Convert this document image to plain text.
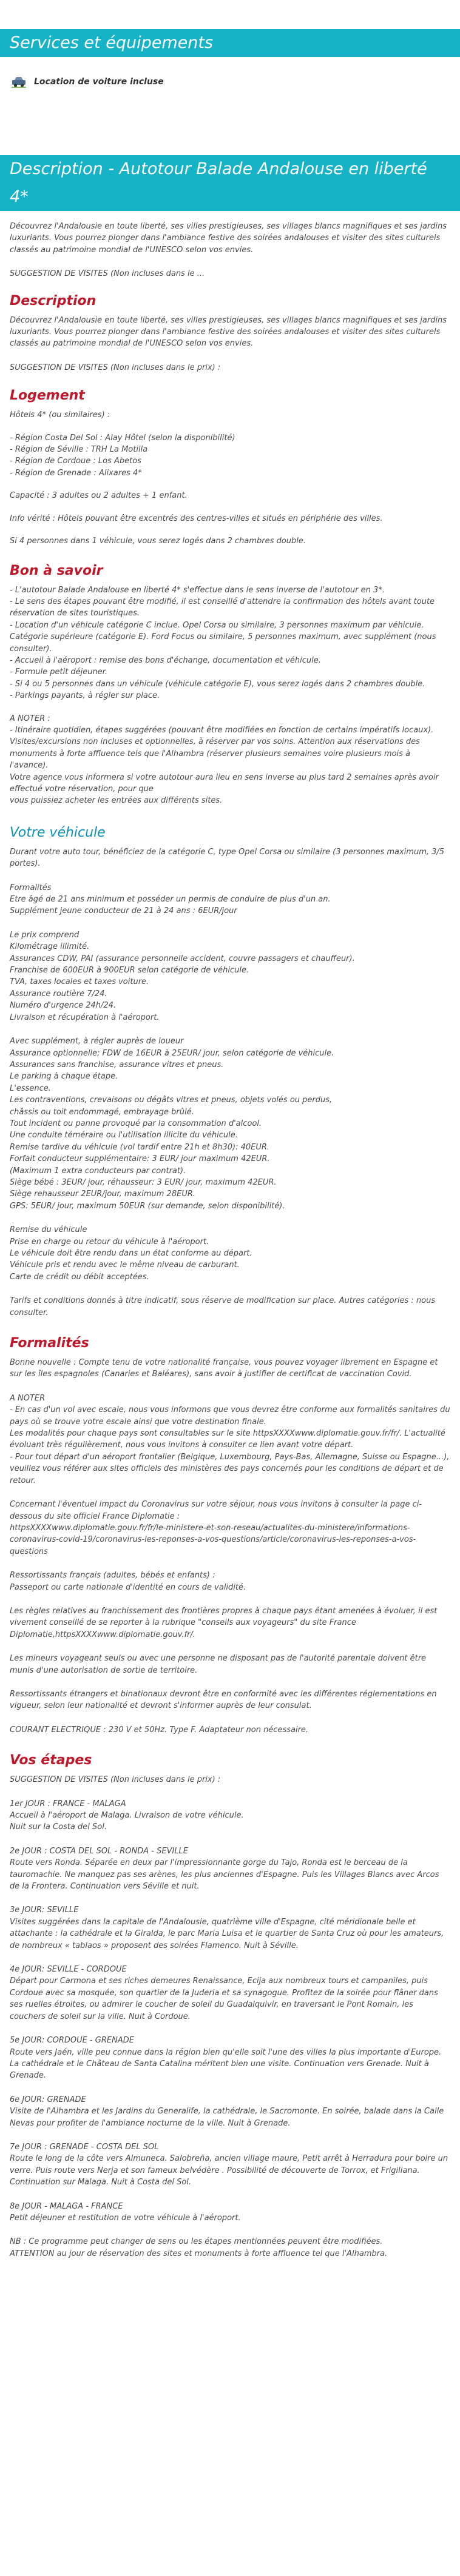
Services et équipements
Location de voiture incluse
Description - Autotour Balade Andalouse en liberté 4*

Découvrez l'Andalousie en toute liberté, ses villes prestigieuses, ses villages blancs magnifiques et ses jardins luxuriants. Vous pourrez plonger dans l'ambiance festive des soirées andalouses et visiter des sites culturels classés au patrimoine mondial de l'UNESCO selon vos envies.

SUGGESTION DE VISITES (Non incluses dans le ...

Description

Découvrez l'Andalousie en toute liberté, ses villes prestigieuses, ses villages blancs magnifiques et ses jardins luxuriants. Vous pourrez plonger dans l'ambiance festive des soirées andalouses et visiter des sites culturels classés au patrimoine mondial de l'UNESCO selon vos envies.

SUGGESTION DE VISITES (Non incluses dans le prix) :

Logement

Hôtels 4* (ou similaires) :

- Région Costa Del Sol : Alay Hôtel (selon la disponibilité)
- Région de Séville : TRH La Motilla
- Région de Cordoue : Los Abetos
- Région de Grenade : Alixares 4*

Capacité : 3 adultes ou 2 adultes + 1 enfant.

Info vérité : Hôtels pouvant être excentrés des centres-villes et situés en périphérie des villes.

Si 4 personnes dans 1 véhicule, vous serez logés dans 2 chambres double.

Bon à savoir

- L'autotour Balade Andalouse en liberté 4* s'effectue dans le sens inverse de l'autotour en 3*.
- Le sens des étapes pouvant être modifié, il est conseillé d'attendre la confirmation des hôtels avant toute réservation de sites touristiques.
- Location d'un véhicule catégorie C inclue. Opel Corsa ou similaire, 3 personnes maximum par véhicule. Catégorie supérieure (catégorie E). Ford Focus ou similaire, 5 personnes maximum, avec supplément (nous consulter).
- Accueil à l'aéroport : remise des bons d'échange, documentation et véhicule.
- Formule petit déjeuner.
- Si 4 ou 5 personnes dans un véhicule (véhicule catégorie E), vous serez logés dans 2 chambres double.
- Parkings payants, à régler sur place.

A NOTER :
- Itinéraire quotidien, étapes suggérées (pouvant être modifiées en fonction de certains impératifs locaux).
Visites/excursions non incluses et optionnelles, à réserver par vos soins. Attention aux réservations des monuments à forte affluence tels que l'Alhambra (réserver plusieurs semaines voire plusieurs mois à l'avance).
Votre agence vous informera si votre autotour aura lieu en sens inverse au plus tard 2 semaines après avoir effectué votre réservation, pour que
vous puissiez acheter les entrées aux différents sites.

Votre véhicule

Durant votre auto tour, bénéficiez de la catégorie C, type Opel Corsa ou similaire (3 personnes maximum, 3/5 portes).

Formalités
Etre âgé de 21 ans minimum et posséder un permis de conduire de plus d'un an.
Supplément jeune conducteur de 21 à 24 ans : 6EUR/jour

Le prix comprend
Kilométrage illimité.
Assurances CDW, PAI (assurance personnelle accident, couvre passagers et chauffeur).
Franchise de 600EUR à 900EUR selon catégorie de véhicule.
TVA, taxes locales et taxes voiture.
Assurance routière 7/24.
Numéro d'urgence 24h/24.
Livraison et récupération à l'aéroport.

Avec supplément, à régler auprès de loueur
Assurance optionnelle; FDW de 16EUR à 25EUR/ jour, selon catégorie de véhicule.
Assurances sans franchise, assurance vitres et pneus.
Le parking à chaque étape.
L'essence.
Les contraventions, crevaisons ou dégâts vitres et pneus, objets volés ou perdus,
châssis ou toit endommagé, embrayage brûlé.
Tout incident ou panne provoqué par la consommation d'alcool.
Une conduite téméraire ou l'utilisation illicite du véhicule.
Remise tardive du véhicule (vol tardif entre 21h et 8h30): 40EUR.
Forfait conducteur supplémentaire: 3 EUR/ jour maximum 42EUR.
(Maximum 1 extra conducteurs par contrat).
Siège bébé : 3EUR/ jour, réhausseur: 3 EUR/ jour, maximum 42EUR.
Siège rehausseur 2EUR/jour, maximum 28EUR.
GPS: 5EUR/ jour, maximum 50EUR (sur demande, selon disponibilité).

Remise du véhicule
Prise en charge ou retour du véhicule à l'aéroport.
Le véhicule doit être rendu dans un état conforme au départ.
Véhicule pris et rendu avec le même niveau de carburant.
Carte de crédit ou débit acceptées.

Tarifs et conditions donnés à titre indicatif, sous réserve de modification sur place. Autres catégories : nous consulter.

Formalités

Bonne nouvelle : Compte tenu de votre nationalité française, vous pouvez voyager librement en Espagne et sur les îles espagnoles (Canaries et Baléares), sans avoir à justifier de certificat de vaccination Covid.

A NOTER
- En cas d'un vol avec escale, nous vous informons que vous devrez être conforme aux formalités sanitaires du pays où se trouve votre escale ainsi que votre destination finale.
Les modalités pour chaque pays sont consultables sur le site httpsXXXXwww.diplomatie.gouv.fr/fr/. L'actualité évoluant très régulièrement, nous vous invitons à consulter ce lien avant votre départ.
- Pour tout départ d'un aéroport frontalier (Belgique, Luxembourg, Pays-Bas, Allemagne, Suisse ou Espagne...), veuillez vous référer aux sites officiels des ministères des pays concernés pour les conditions de départ et de retour.

Concernant l'éventuel impact du Coronavirus sur votre séjour, nous vous invitons à consulter la page ci-dessous du site officiel France Diplomatie :
httpsXXXXwww.diplomatie.gouv.fr/fr/le-ministere-et-son-reseau/actualites-du-ministere/informations-coronavirus-covid-19/coronavirus-les-reponses-a-vos-questions/article/coronavirus-les-reponses-a-vos-questions

Ressortissants français (adultes, bébés et enfants) :
Passeport ou carte nationale d'identité en cours de validité.

Les règles relatives au franchissement des frontières propres à chaque pays étant amenées à évoluer, il est vivement conseillé de se reporter à la rubrique "conseils aux voyageurs" du site France Diplomatie,httpsXXXXwww.diplomatie.gouv.fr/.

Les mineurs voyageant seuls ou avec une personne ne disposant pas de l'autorité parentale doivent être munis d'une autorisation de sortie de territoire.

Ressortissants étrangers et binationaux devront être en conformité avec les différentes réglementations en vigueur, selon leur nationalité et devront s'informer auprès de leur consulat.

COURANT ELECTRIQUE : 230 V et 50Hz. Type F. Adaptateur non nécessaire.

Vos étapes

SUGGESTION DE VISITES (Non incluses dans le prix) :

1er JOUR : FRANCE - MALAGA
Accueil à l'aéroport de Malaga. Livraison de votre véhicule.
Nuit sur la Costa del Sol.

2e JOUR : COSTA DEL SOL - RONDA - SEVILLE
Route vers Ronda. Séparée en deux par l'impressionnante gorge du Tajo, Ronda est le berceau de la tauromachie. Ne manquez pas ses arènes, les plus anciennes d'Espagne. Puis les Villages Blancs avec Arcos de la Frontera. Continuation vers Séville et nuit.

3e JOUR: SEVILLE
Visites suggérées dans la capitale de l'Andalousie, quatrième ville d'Espagne, cité méridionale belle et attachante : la cathédrale et la Giralda, le parc Maria Luisa et le quartier de Santa Cruz où pour les amateurs, de nombreux « tablaos » proposent des soirées Flamenco. Nuit à Séville.

4e JOUR: SEVILLE - CORDOUE
Départ pour Carmona et ses riches demeures Renaissance, Ecija aux nombreux tours et campaniles, puis Cordoue avec sa mosquée, son quartier de la Juderia et sa synagogue. Profitez de la soirée pour flâner dans ses ruelles étroites, ou admirer le coucher de soleil du Guadalquivir, en traversant le Pont Romain, les couchers de soleil sur la ville. Nuit à Cordoue.

5e JOUR: CORDOUE - GRENADE
Route vers Jaén, ville peu connue dans la région bien qu'elle soit l'une des villes la plus importante d'Europe. La cathédrale et le Château de Santa Catalina méritent bien une visite. Continuation vers Grenade. Nuit à Grenade.

6e JOUR: GRENADE
Visite de l'Alhambra et les Jardins du Generalife, la cathédrale, le Sacromonte. En soirée, balade dans la Calle Nevas pour profiter de l'ambiance nocturne de la ville. Nuit à Grenade.

7e JOUR : GRENADE - COSTA DEL SOL
Route le long de la côte vers Almuneca. Salobreña, ancien village maure, Petit arrêt à Herradura pour boire un verre. Puis route vers Nerja et son fameux belvédère . Possibilité de découverte de Torrox, et Frigiliana. Continuation sur Malaga. Nuit à Costa del Sol.

8e JOUR - MALAGA - FRANCE
Petit déjeuner et restitution de votre véhicule à l'aéroport.

NB : Ce programme peut changer de sens ou les étapes mentionnées peuvent être modifiées.
ATTENTION au jour de réservation des sites et monuments à forte affluence tel que l'Alhambra.
